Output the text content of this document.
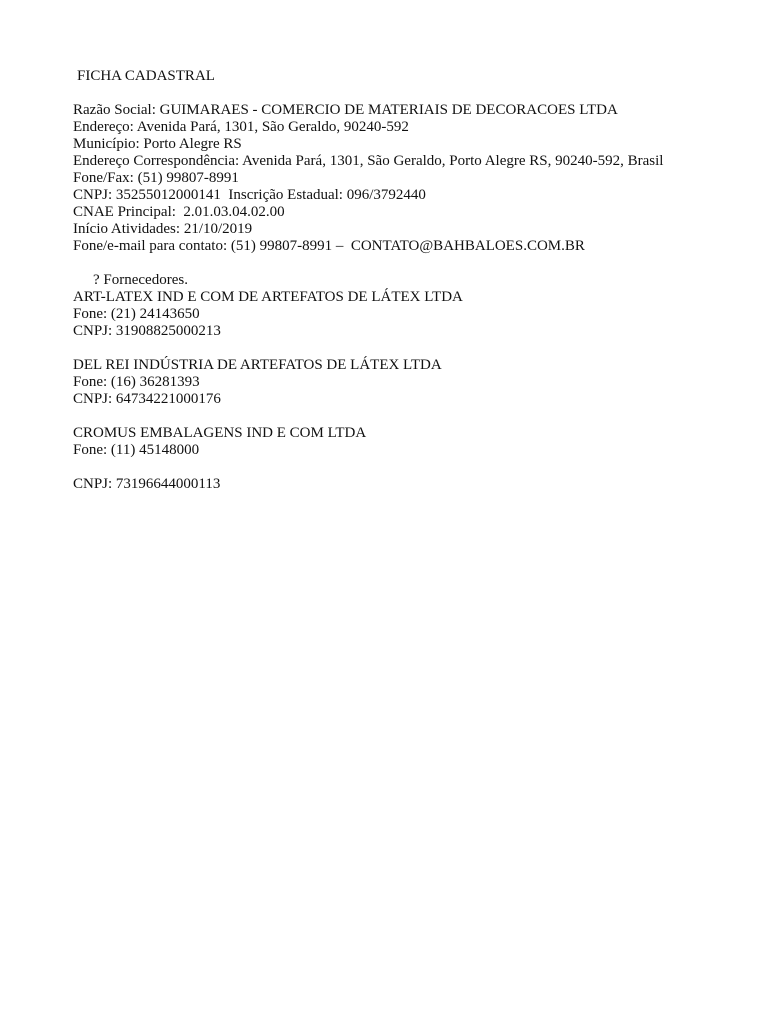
FICHA CADASTRAL
Razão Social: GUIMARAES - COMERCIO DE MATERIAIS DE DECORACOES LTDA
Endereço: Avenida Pará, 1301, São Geraldo, 90240-592
Município: Porto Alegre RS
Endereço Correspondência: Avenida Pará, 1301, São Geraldo, Porto Alegre RS, 90240-592, Brasil
Fone/Fax: (51) 99807-8991
CNPJ: 35255012000141  Inscrição Estadual: 096/3792440
CNAE Principal:  2.01.03.04.02.00
Início Atividades: 21/10/2019
Fone/e-mail para contato: (51) 99807-8991 –  CONTATO@BAHBALOES.COM.BR
? Fornecedores.
ART-LATEX IND E COM DE ARTEFATOS DE LÁTEX LTDA
Fone: (21) 24143650
CNPJ: 31908825000213
DEL REI INDÚSTRIA DE ARTEFATOS DE LÁTEX LTDA
Fone: (16) 36281393
CNPJ: 64734221000176
CROMUS EMBALAGENS IND E COM LTDA
Fone: (11) 45148000
CNPJ: 73196644000113
